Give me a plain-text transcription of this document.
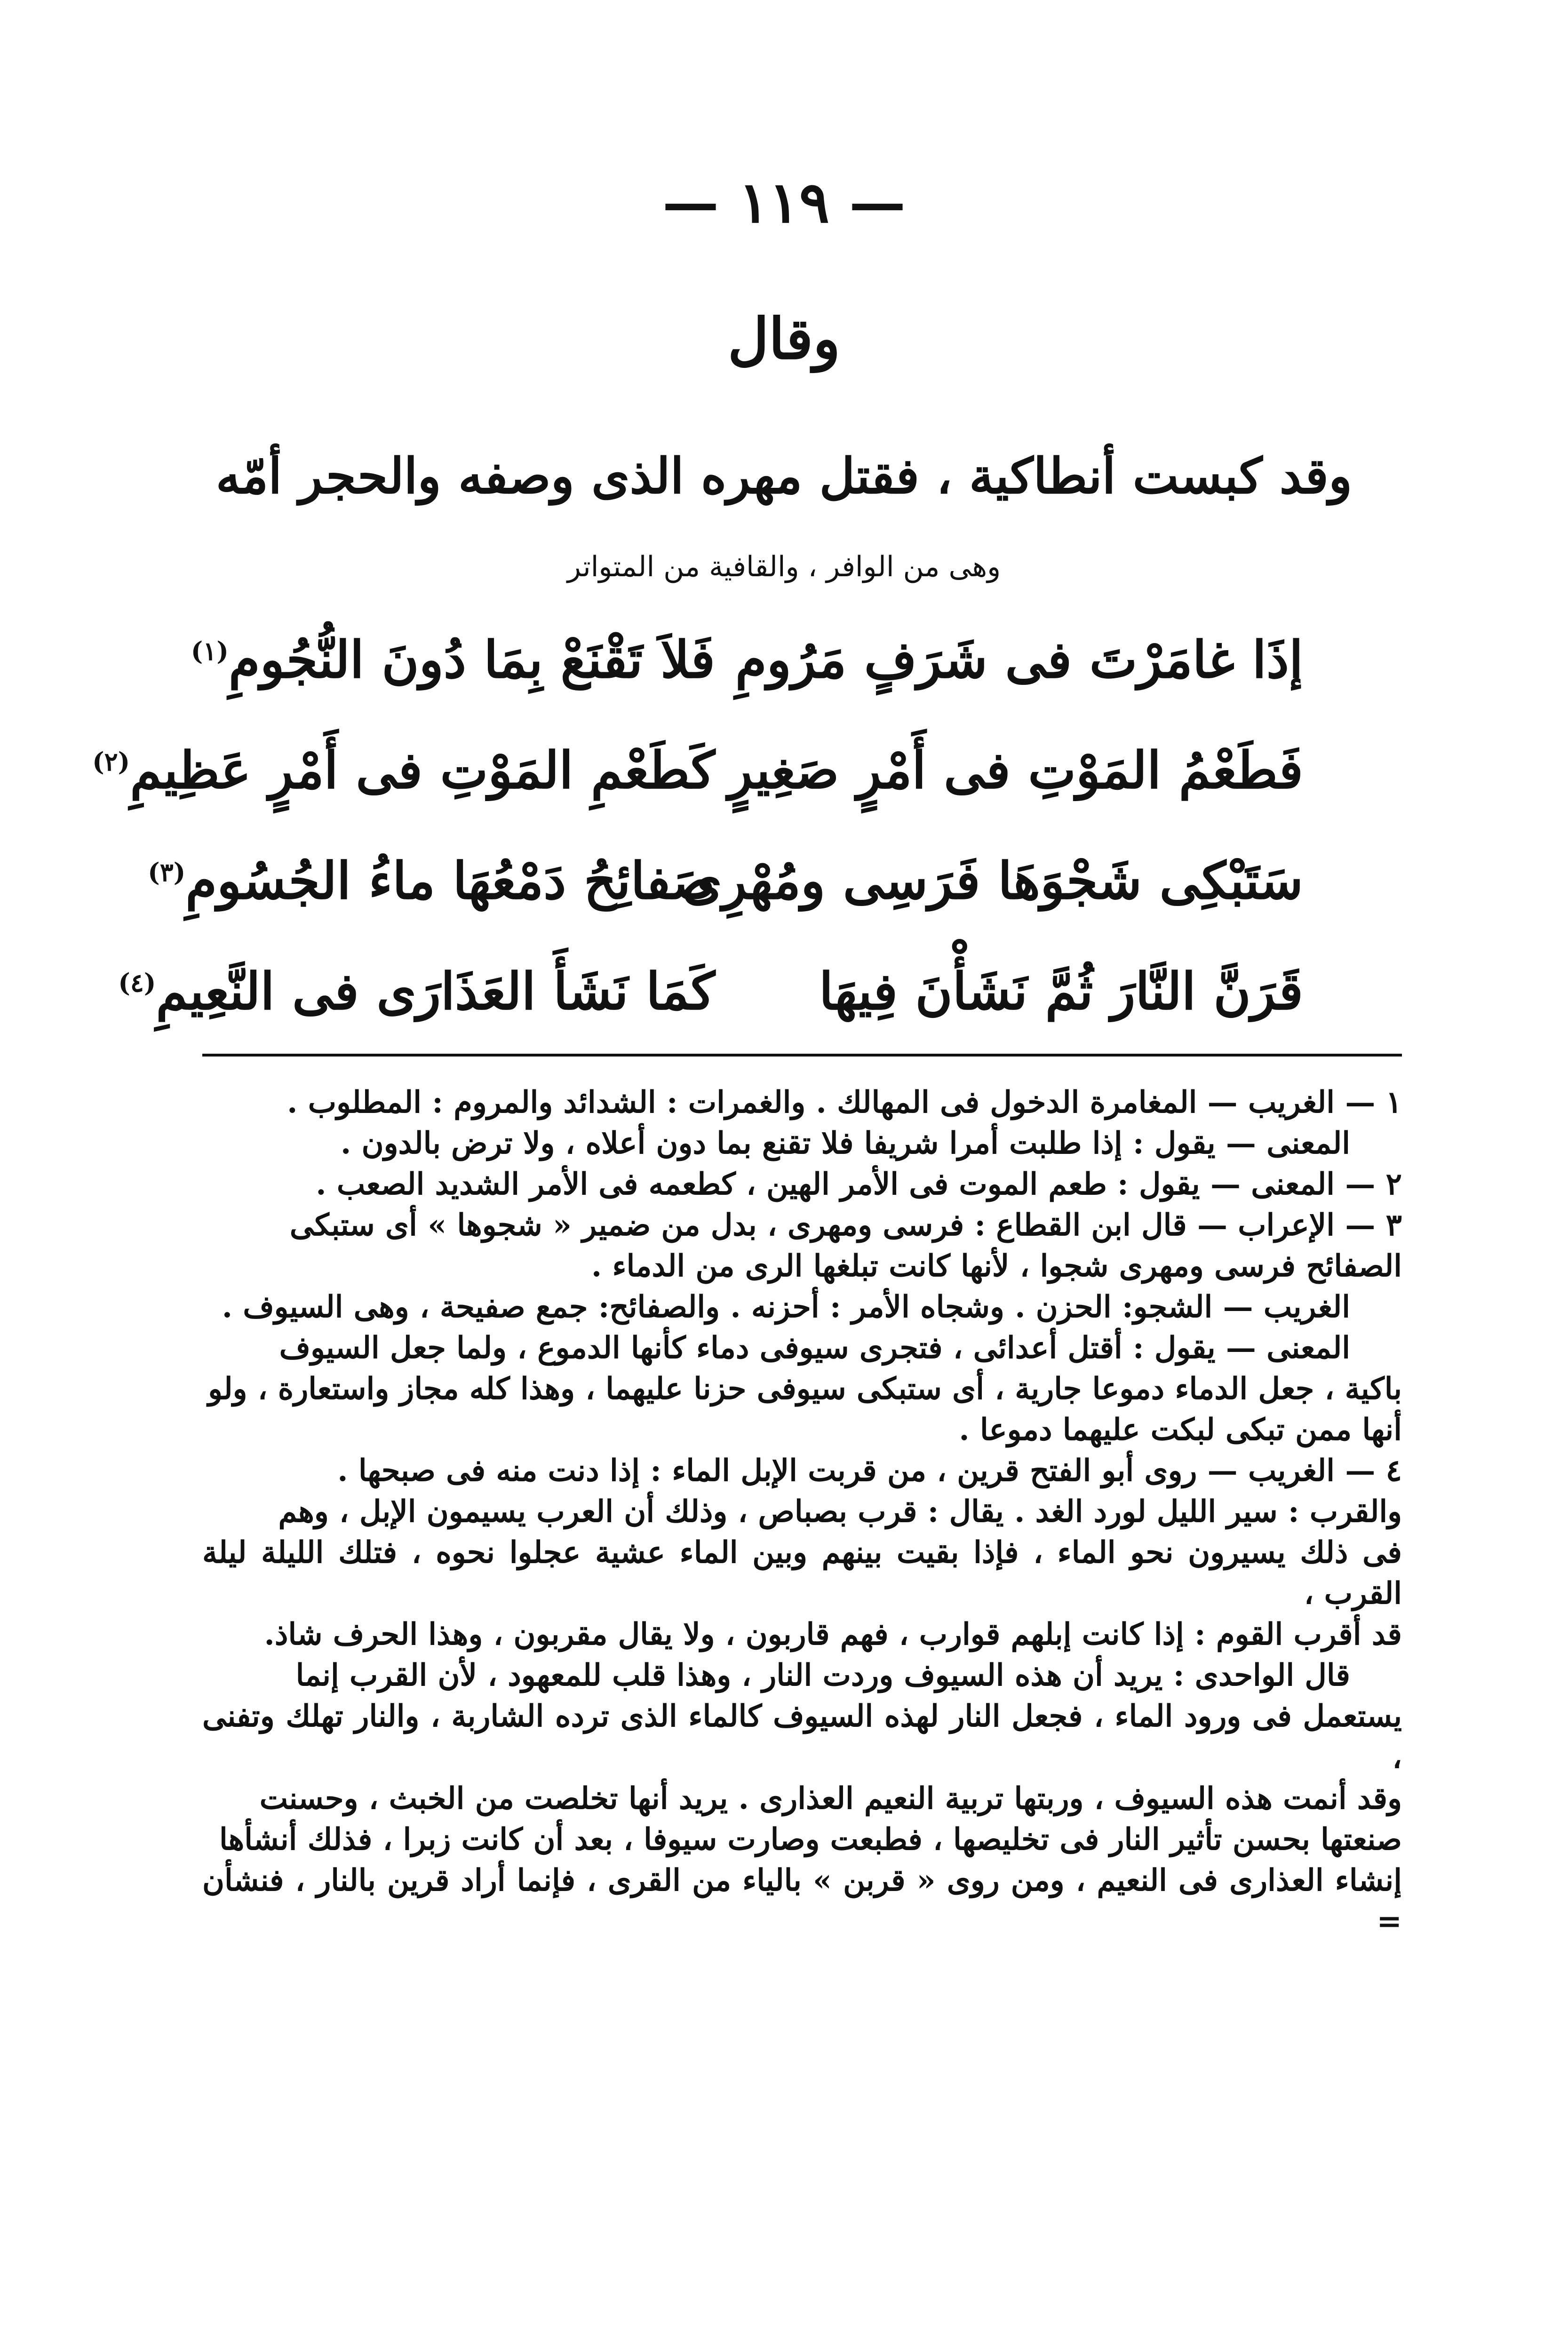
— ١١٩ —
وقال
وقد كبست أنطاكية ، فقتل مهره الذى وصفه والحجر أمّه
وهى من الوافر ، والقافية من المتواتر
إذَا غامَرْتَ فى شَرَفٍ مَرُومِ
فَلاَ تَقْنَعْ بِمَا دُونَ النُّجُومِ$^{(١)}$
فَطَعْمُ المَوْتِ فى أَمْرٍ صَغِيرٍ
كَطَعْمِ المَوْتِ فى أَمْرٍ عَظِيمِ$^{(٢)}$
سَتَبْكِى شَجْوَهَا فَرَسِى ومُهْرِى
صَفائِحُ دَمْعُهَا ماءُ الجُسُومِ$^{(٣)}$
قَرَنَّ النَّارَ ثُمَّ نَشَأْنَ فِيهَا
كَمَا نَشَأَ العَذَارَى فى النَّعِيمِ$^{(٤)}$

١ — الغريب — المغامرة الدخول فى المهالك . والغمرات : الشدائد والمروم : المطلوب .

المعنى — يقول : إذا طلبت أمرا شريفا فلا تقنع بما دون أعلاه ، ولا ترض بالدون .

٢ — المعنى — يقول : طعم الموت فى الأمر الهين ، كطعمه فى الأمر الشديد الصعب .

٣ — الإعراب — قال ابن القطاع : فرسى ومهرى ، بدل من ضمير « شجوها » أى ستبكى

الصفائح فرسى ومهرى شجوا ، لأنها كانت تبلغها الرى من الدماء .

الغريب — الشجو: الحزن . وشجاه الأمر : أحزنه . والصفائح: جمع صفيحة ، وهى السيوف .

المعنى — يقول : أقتل أعدائى ، فتجرى سيوفى دماء كأنها الدموع ، ولما جعل السيوف

باكية ، جعل الدماء دموعا جارية ، أى ستبكى سيوفى حزنا عليهما ، وهذا كله مجاز واستعارة ، ولو

أنها ممن تبكى لبكت عليهما دموعا .

٤ — الغريب — روى أبو الفتح قرين ، من قربت الإبل الماء : إذا دنت منه فى صبحها .

والقرب : سير الليل لورد الغد . يقال : قرب بصباص ، وذلك أن العرب يسيمون الإبل ، وهم

فى ذلك يسيرون نحو الماء ، فإذا بقيت بينهم وبين الماء عشية عجلوا نحوه ، فتلك الليلة ليلة القرب ،

قد أقرب القوم : إذا كانت إبلهم قوارب ، فهم قاربون ، ولا يقال مقربون ، وهذا الحرف شاذ.

قال الواحدى : يريد أن هذه السيوف وردت النار ، وهذا قلب للمعهود ، لأن القرب إنما

يستعمل فى ورود الماء ، فجعل النار لهذه السيوف كالماء الذى ترده الشاربة ، والنار تهلك وتفنى ،

وقد أنمت هذه السيوف ، وربتها تربية النعيم العذارى . يريد أنها تخلصت من الخبث ، وحسنت

صنعتها بحسن تأثير النار فى تخليصها ، فطبعت وصارت سيوفا ، بعد أن كانت زبرا ، فذلك أنشأها

إنشاء العذارى فى النعيم ، ومن روى « قربن » بالياء من القرى ، فإنما أراد قرين بالنار ، فنشأن =
